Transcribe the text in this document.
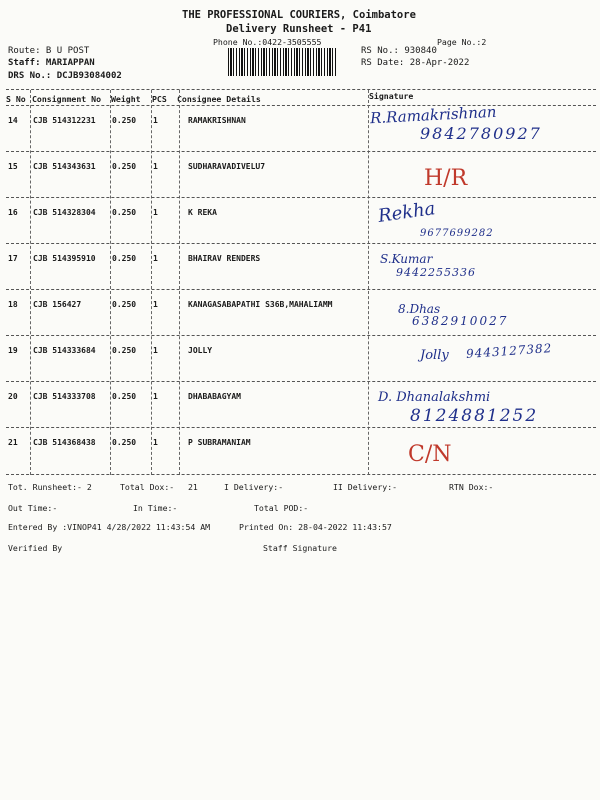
THE PROFESSIONAL COURIERS, Coimbatore
Delivery Runsheet - P41
Phone No.:0422-3505555	Page No.:2
Route: B U POST
Staff: MARIAPPAN
DRS No.: DCJB93084002
RS No.: 930840
RS Date: 28-Apr-2022
S No Consignment No Weight PCS Consignee Details	Signature
14 CJB 514312231 0.250 1	RAMAKRISHNAN	R.Ramakrishnan
9842780927
15 CJB 514343631 0.250 1	SUDHARAVADIVELU7	H/R
16 CJB 514328304 0.250 1	K REKA	Rekha
9677699282
17 CJB 514395910 0.250 1	BHAIRAV RENDERS	S.Kumar
9442255336
18 CJB 156427	0.250 1	KANAGASABAPATHI S36B,MAHALIAMM	8.Dhas
6382910027
19 CJB 514333684 0.250 1	JOLLY	Jolly 9443127382
20 CJB 514333708 0.250 1	DHABABAGYAM	D. Dhanalakshmi
8124881252
21 CJB 514368438 0.250 1	P SUBRAMANIAM	C/N
Tot. Runsheet:- 2	Total Dox:- 21	I Delivery:-	II Delivery:-	RTN Dox:-
Out Time:-	In Time:-	Total POD:-
Entered By :VINOP41 4/28/2022 11:43:54 AM	Printed On: 28-04-2022 11:43:57
Verified By	Staff Signature
